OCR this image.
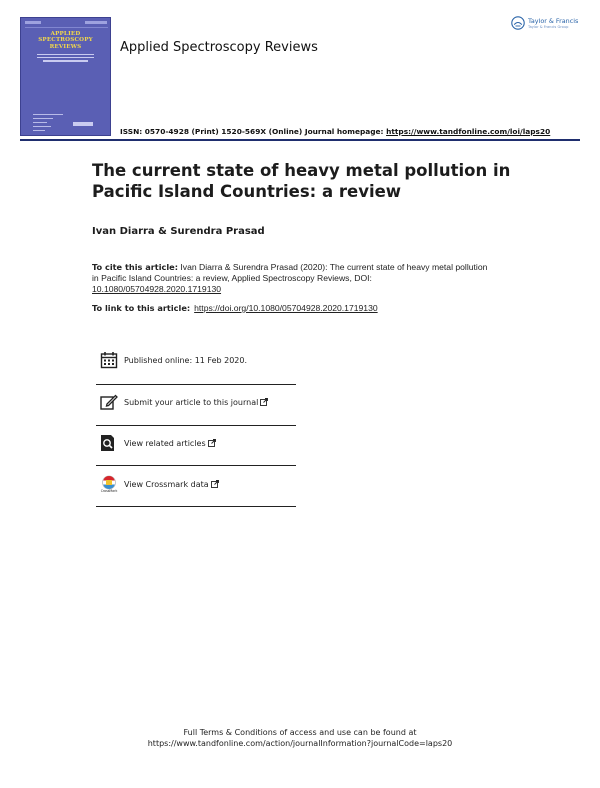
APPLIED
SPECTROSCOPY
REVIEWS	Applied Spectroscopy Reviews
Taylor & Francis
Taylor & Francis Group
ISSN: 0570-4928 (Print) 1520-569X (Online) Journal homepage: https://www.tandfonline.com/loi/laps20
The current state of heavy metal pollution in Pacific Island Countries: a review
Ivan Diarra & Surendra Prasad
To cite this article: Ivan Diarra & Surendra Prasad (2020): The current state of heavy metal pollution in Pacific Island Countries: a review, Applied Spectroscopy Reviews, DOI: 10.1080/05704928.2020.1719130
To link to this article: https://doi.org/10.1080/05704928.2020.1719130
Published online: 11 Feb 2020.
Submit your article to this journal
View related articles
CrossMark
View Crossmark data
Full Terms & Conditions of access and use can be found at
https://www.tandfonline.com/action/journalInformation?journalCode=laps20
